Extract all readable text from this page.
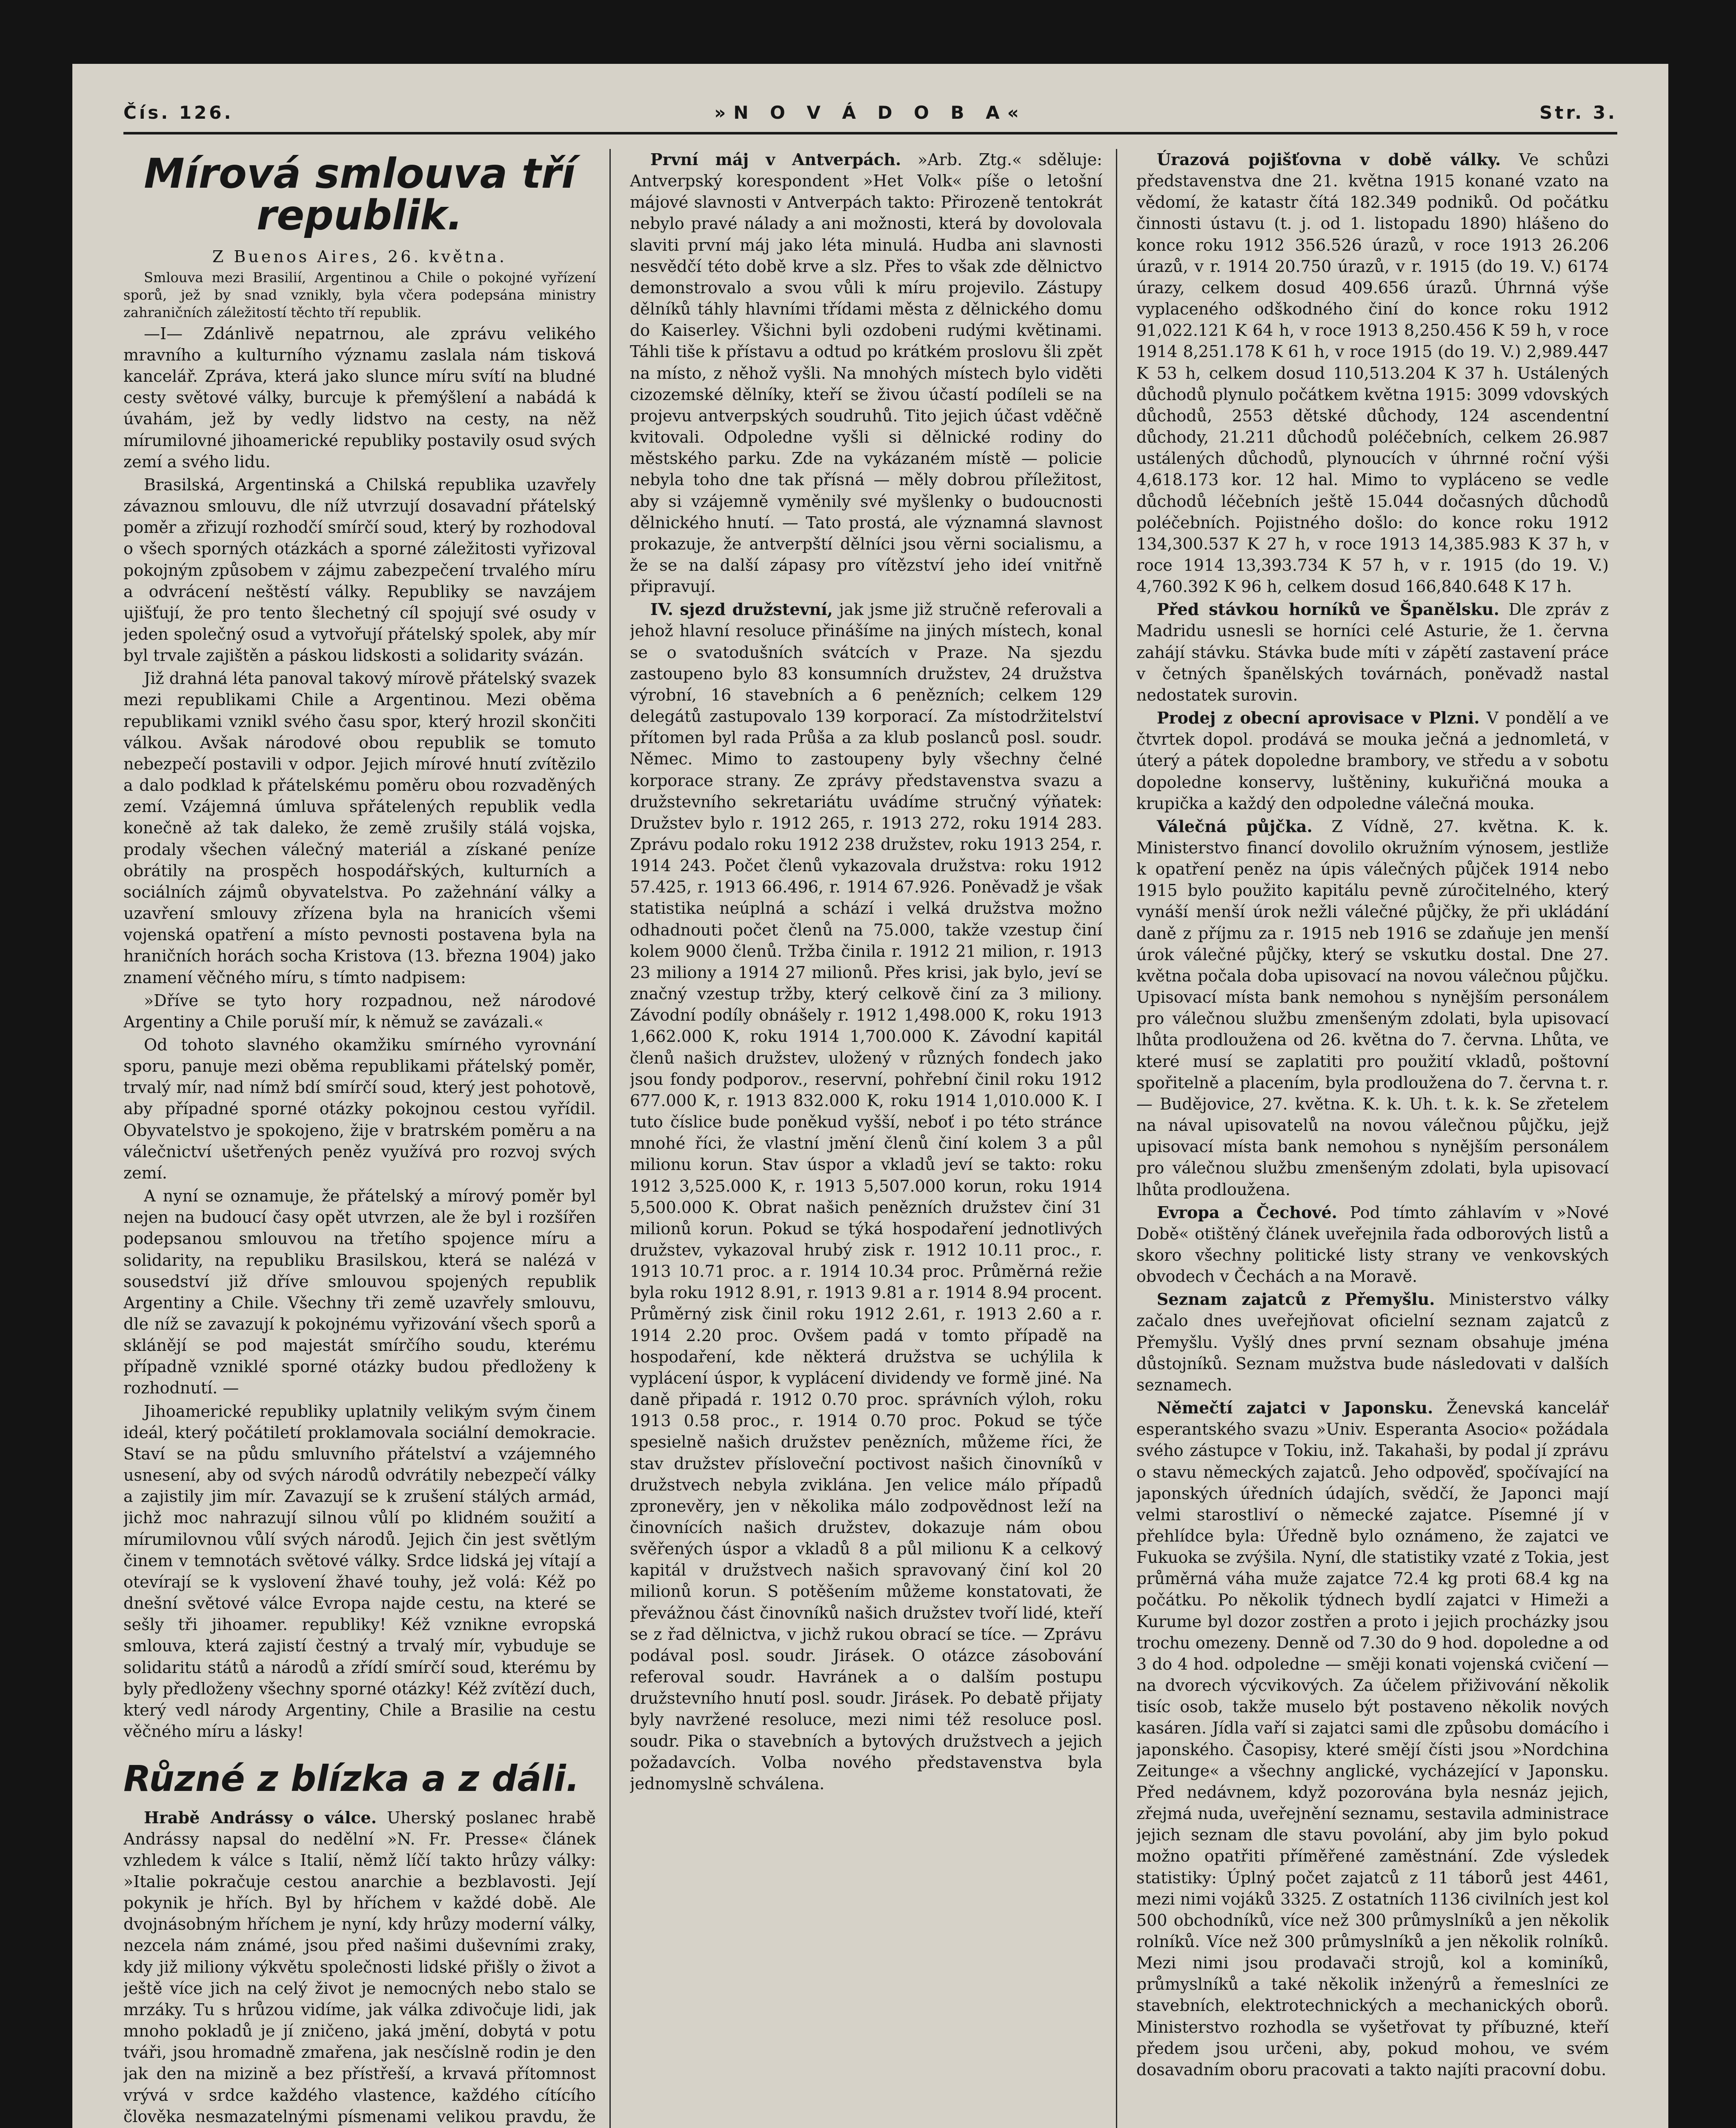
Čís. 126.	»N O V Á D O B A«	Str. 3.
Mírová smlouva tří republik.

Z Buenos Aires, 26. května.

Smlouva mezi Brasilií, Argentinou a Chile o pokojné vyřízení sporů, jež by snad vznikly, byla včera podepsána ministry zahraničních záležitostí těchto tří republik.

—I— Zdánlivě nepatrnou, ale zprávu velikého mravního a kulturního významu zaslala nám tisková kancelář. Zpráva, která jako slunce míru svítí na bludné cesty světové války, burcuje k přemýšlení a nabádá k úvahám, jež by vedly lidstvo na cesty, na něž mírumilovné jihoamerické republiky postavily osud svých zemí a svého lidu.

Brasilská, Argentinská a Chilská republika uzavřely závaznou smlouvu, dle níž utvrzují dosavadní přátelský poměr a zřizují rozhodčí smírčí soud, který by rozhodoval o všech sporných otázkách a sporné záležitosti vyřizoval pokojným způsobem v zájmu zabezpečení trvalého míru a odvrácení neštěstí války. Republiky se navzájem ujišťují, že pro tento šlechetný cíl spojují své osudy v jeden společný osud a vytvořují přátelský spolek, aby mír byl trvale zajištěn a páskou lidskosti a solidarity svázán.

Již drahná léta panoval takový mírově přátelský svazek mezi republikami Chile a Argentinou. Mezi oběma republikami vznikl svého času spor, který hrozil skončiti válkou. Avšak národové obou republik se tomuto nebezpečí postavili v odpor. Jejich mírové hnutí zvítězilo a dalo podklad k přátelskému poměru obou rozvaděných zemí. Vzájemná úmluva spřátelených republik vedla konečně až tak daleko, že země zrušily stálá vojska, prodaly všechen válečný materiál a získané peníze obrátily na prospěch hospodářských, kulturních a sociálních zájmů obyvatelstva. Po zažehnání války a uzavření smlouvy zřízena byla na hranicích všemi vojenská opatření a místo pevnosti postavena byla na hraničních horách socha Kristova (13. března 1904) jako znamení věčného míru, s tímto nadpisem:

»Dříve se tyto hory rozpadnou, než národové Argentiny a Chile poruší mír, k němuž se zavázali.«

Od tohoto slavného okamžiku smírného vyrovnání sporu, panuje mezi oběma republikami přátelský poměr, trvalý mír, nad nímž bdí smírčí soud, který jest pohotově, aby případné sporné otázky pokojnou cestou vyřídil. Obyvatelstvo je spokojeno, žije v bratrském poměru a na válečnictví ušetřených peněz využívá pro rozvoj svých zemí.

A nyní se oznamuje, že přátelský a mírový poměr byl nejen na budoucí časy opět utvrzen, ale že byl i rozšířen podepsanou smlouvou na třetího spojence míru a solidarity, na republiku Brasilskou, která se nalézá v sousedství již dříve smlouvou spojených republik Argentiny a Chile. Všechny tři země uzavřely smlouvu, dle níž se zavazují k pokojnému vyřizování všech sporů a sklánějí se pod majestát smírčího soudu, kterému případně vzniklé sporné otázky budou předloženy k rozhodnutí. —

Jihoamerické republiky uplatnily velikým svým činem ideál, který počátiletí proklamovala sociální demokracie. Staví se na půdu smluvního přátelství a vzájemného usnesení, aby od svých národů odvrátily nebezpečí války a zajistily jim mír. Zavazují se k zrušení stálých armád, jichž moc nahrazují silnou vůlí po klidném soužití a mírumilovnou vůlí svých národů. Jejich čin jest světlým činem v temnotách světové války. Srdce lidská jej vítají a otevírají se k vyslovení žhavé touhy, jež volá: Kéž po dnešní světové válce Evropa najde cestu, na které se sešly tři jihoamer. republiky! Kéž vznikne evropská smlouva, která zajistí čestný a trvalý mír, vybuduje se solidaritu států a národů a zřídí smírčí soud, kterému by byly předloženy všechny sporné otázky! Kéž zvítězí duch, který vedl národy Argentiny, Chile a Brasilie na cestu věčného míru a lásky!

Různé z blízka a z dáli.

Hrabě Andrássy o válce. Uherský poslanec hrabě Andrássy napsal do nedělní »N. Fr. Presse« článek vzhledem k válce s Italií, němž líčí takto hrůzy války: »Italie pokračuje cestou anarchie a bezblavosti. Její pokynik je hřích. Byl by hříchem v každé době. Ale dvojnásobným hříchem je nyní, kdy hrůzy moderní války, nezcela nám známé, jsou před našimi duševními zraky, kdy již miliony výkvětu společnosti lidské přišly o život a ještě více jich na celý život je nemocných nebo stalo se mrzáky. Tu s hrůzou vidíme, jak válka zdivočuje lidi, jak mnoho pokladů je jí zničeno, jaká jmění, dobytá v potu tváři, jsou hromadně zmařena, jak nesčíslně rodin je den jak den na mizině a bez přístřeší, a krvavá přítomnost vrývá v srdce každého vlastence, každého cítícího člověka nesmazatelnými písmenami velikou pravdu, že

První máj v Antverpách. »Arb. Ztg.« sděluje: Antverpský korespondent »Het Volk« píše o letošní májové slavnosti v Antverpách takto: Přirozeně tentokrát nebylo pravé nálady a ani možnosti, která by dovolovala slaviti první máj jako léta minulá. Hudba ani slavnosti nesvědčí této době krve a slz. Přes to však zde dělnictvo demonstrovalo a svou vůli k míru projevilo. Zástupy dělníků táhly hlavními třídami města z dělnického domu do Kaiserley. Všichni byli ozdobeni rudými květinami. Táhli tiše k přístavu a odtud po krátkém proslovu šli zpět na místo, z něhož vyšli. Na mnohých místech bylo viděti cizozemské dělníky, kteří se živou účastí podíleli se na projevu antverpských soudruhů. Tito jejich účast vděčně kvitovali. Odpoledne vyšli si dělnické rodiny do městského parku. Zde na vykázaném místě — policie nebyla toho dne tak přísná — měly dobrou příležitost, aby si vzájemně vyměnily své myšlenky o budoucnosti dělnického hnutí. — Tato prostá, ale významná slavnost prokazuje, že antverpští dělníci jsou věrni socialismu, a že se na další zápasy pro vítězství jeho ideí vnitřně připravují.

IV. sjezd družstevní, jak jsme již stručně referovali a jehož hlavní resoluce přinášíme na jiných místech, konal se o svatodušních svátcích v Praze. Na sjezdu zastoupeno bylo 83 konsumních družstev, 24 družstva výrobní, 16 stavebních a 6 penězních; celkem 129 delegátů zastupovalo 139 korporací. Za místodržitelství přítomen byl rada Průša a za klub poslanců posl. soudr. Němec. Mimo to zastoupeny byly všechny čelné korporace strany. Ze zprávy představenstva svazu a družstevního sekretariátu uvádíme stručný výňatek: Družstev bylo r. 1912 265, r. 1913 272, roku 1914 283. Zprávu podalo roku 1912 238 družstev, roku 1913 254, r. 1914 243. Počet členů vykazovala družstva: roku 1912 57.425, r. 1913 66.496, r. 1914 67.926. Poněvadž je však statistika neúplná a schází i velká družstva možno odhadnouti počet členů na 75.000, takže vzestup činí kolem 9000 členů. Tržba činila r. 1912 21 milion, r. 1913 23 miliony a 1914 27 milionů. Přes krisi, jak bylo, jeví se značný vzestup tržby, který celkově činí za 3 miliony. Závodní podíly obnášely r. 1912 1,498.000 K, roku 1913 1,662.000 K, roku 1914 1,700.000 K. Závodní kapitál členů našich družstev, uložený v různých fondech jako jsou fondy podporov., reservní, pohřební činil roku 1912 677.000 K, r. 1913 832.000 K, roku 1914 1,010.000 K. I tuto číslice bude poněkud vyšší, neboť i po této stránce mnohé říci, že vlastní jmění členů činí kolem 3 a půl milionu korun. Stav úspor a vkladů jeví se takto: roku 1912 3,525.000 K, r. 1913 5,507.000 korun, roku 1914 5,500.000 K. Obrat našich penězních družstev činí 31 milionů korun. Pokud se týká hospodaření jednotlivých družstev, vykazoval hrubý zisk r. 1912 10.11 proc., r. 1913 10.71 proc. a r. 1914 10.34 proc. Průměrná režie byla roku 1912 8.91, r. 1913 9.81 a r. 1914 8.94 procent. Průměrný zisk činil roku 1912 2.61, r. 1913 2.60 a r. 1914 2.20 proc. Ovšem padá v tomto případě na hospodaření, kde některá družstva se uchýlila k vyplácení úspor, k vyplácení dividendy ve formě jiné. Na daně připadá r. 1912 0.70 proc. správních výloh, roku 1913 0.58 proc., r. 1914 0.70 proc. Pokud se týče spesielně našich družstev penězních, můžeme říci, že stav družstev přísloveční poctivost našich činovníků v družstvech nebyla zviklána. Jen velice málo případů zpronevěry, jen v několika málo zodpovědnost leží na činovnících našich družstev, dokazuje nám obou svěřených úspor a vkladů 8 a půl milionu K a celkový kapitál v družstvech našich spravovaný činí kol 20 milionů korun. S potěšením můžeme konstatovati, že převážnou část činovníků našich družstev tvoří lidé, kteří se z řad dělnictva, v jichž rukou obrací se tíce. — Zprávu podával posl. soudr. Jirásek. O otázce zásobování referoval soudr. Havránek a o dalším postupu družstevního hnutí posl. soudr. Jirásek. Po debatě přijaty byly navržené resoluce, mezi nimi též resoluce posl. soudr. Pika o stavebních a bytových družstvech a jejich požadavcích. Volba nového představenstva byla jednomyslně schválena.

Úrazová pojišťovna v době války. Ve schůzi představenstva dne 21. května 1915 konané vzato na vědomí, že katastr čítá 182.349 podniků. Od počátku činnosti ústavu (t. j. od 1. listopadu 1890) hlášeno do konce roku 1912 356.526 úrazů, v roce 1913 26.206 úrazů, v r. 1914 20.750 úrazů, v r. 1915 (do 19. V.) 6174 úrazy, celkem dosud 409.656 úrazů. Úhrnná výše vyplaceného odškodného činí do konce roku 1912 91,022.121 K 64 h, v roce 1913 8,250.456 K 59 h, v roce 1914 8,251.178 K 61 h, v roce 1915 (do 19. V.) 2,989.447 K 53 h, celkem dosud 110,513.204 K 37 h. Ustálených důchodů plynulo počátkem května 1915: 3099 vdovských důchodů, 2553 dětské důchody, 124 ascendentní důchody, 21.211 důchodů poléčebních, celkem 26.987 ustálených důchodů, plynoucích v úhrnné roční výši 4,618.173 kor. 12 hal. Mimo to vypláceno se vedle důchodů léčebních ještě 15.044 dočasných důchodů poléčebních. Pojistného došlo: do konce roku 1912 134,300.537 K 27 h, v roce 1913 14,385.983 K 37 h, v roce 1914 13,393.734 K 57 h, v r. 1915 (do 19. V.) 4,760.392 K 96 h, celkem dosud 166,840.648 K 17 h.

Před stávkou horníků ve Španělsku. Dle zpráv z Madridu usnesli se horníci celé Asturie, že 1. června zahájí stávku. Stávka bude míti v zápětí zastavení práce v četných španělských továrnách, poněvadž nastal nedostatek surovin.

Prodej z obecní aprovisace v Plzni. V pondělí a ve čtvrtek dopol. prodává se mouka ječná a jednomletá, v úterý a pátek dopoledne brambory, ve středu a v sobotu dopoledne konservy, luštěniny, kukuřičná mouka a krupička a každý den odpoledne válečná mouka.

Válečná půjčka. Z Vídně, 27. května. K. k. Ministerstvo financí dovolilo okružním výnosem, jestliže k opatření peněz na úpis válečných půjček 1914 nebo 1915 bylo použito kapitálu pevně zúročitelného, který vynáší menší úrok nežli válečné půjčky, že při ukládání daně z příjmu za r. 1915 neb 1916 se zdaňuje jen menší úrok válečné půjčky, který se vskutku dostal. Dne 27. května počala doba upisovací na novou válečnou půjčku. Upisovací místa bank nemohou s nynějším personálem pro válečnou službu zmenšeným zdolati, byla upisovací lhůta prodloužena od 26. května do 7. června. Lhůta, ve které musí se zaplatiti pro použití vkladů, poštovní spořitelně a placením, byla prodloužena do 7. června t. r. — Budějovice, 27. května. K. k. Uh. t. k. k. Se zřetelem na nával upisovatelů na novou válečnou půjčku, jejž upisovací místa bank nemohou s nynějším personálem pro válečnou službu zmenšeným zdolati, byla upisovací lhůta prodloužena.

Evropa a Čechové. Pod tímto záhlavím v »Nové Době« otištěný článek uveřejnila řada odborových listů a skoro všechny politické listy strany ve venkovských obvodech v Čechách a na Moravě.

Seznam zajatců z Přemyšlu. Ministerstvo války začalo dnes uveřejňovat oficielní seznam zajatců z Přemyšlu. Vyšlý dnes první seznam obsahuje jména důstojníků. Seznam mužstva bude následovati v dalších seznamech.

Němečtí zajatci v Japonsku. Ženevská kancelář esperantského svazu »Univ. Esperanta Asocio« požádala svého zástupce v Tokiu, inž. Takahaši, by podal jí zprávu o stavu německých zajatců. Jeho odpověď, spočívající na japonských úředních údajích, svědčí, že Japonci mají velmi starostliví o německé zajatce. Písemné jí v přehlídce byla: Úředně bylo oznámeno, že zajatci ve Fukuoka se zvýšila. Nyní, dle statistiky vzaté z Tokia, jest průměrná váha muže zajatce 72.4 kg proti 68.4 kg na počátku. Po několik týdnech bydlí zajatci v Himeži a Kurume byl dozor zostřen a proto i jejich procházky jsou trochu omezeny. Denně od 7.30 do 9 hod. dopoledne a od 3 do 4 hod. odpoledne — směji konati vojenská cvičení — na dvorech výcvikových. Za účelem přiživování několik tisíc osob, takže muselo být postaveno několik nových kasáren. Jídla vaří si zajatci sami dle způsobu domácího i japonského. Časopisy, které smějí čísti jsou »Nordchina Zeitunge« a všechny anglické, vycházející v Japonsku. Před nedávnem, když pozorována byla nesnáz jejich, zřejmá nuda, uveřejnění seznamu, sestavila administrace jejich seznam dle stavu povolání, aby jim bylo pokud možno opatřiti příměřené zaměstnání. Zde výsledek statistiky: Úplný počet zajatců z 11 táborů jest 4461, mezi nimi vojáků 3325. Z ostatních 1136 civilních jest kol 500 obchodníků, více než 300 průmyslníků a jen několik rolníků. Více než 300 průmyslníků a jen několik rolníků. Mezi nimi jsou prodavači strojů, kol a kominíků, průmyslníků a také několik inženýrů a řemeslníci ze stavebních, elektrotechnických a mechanických oborů. Ministerstvo rozhodla se vyšetřovat ty příbuzné, kteří předem jsou určeni, aby, pokud mohou, ve svém dosavadním oboru pracovati a takto najíti pracovní dobu.
